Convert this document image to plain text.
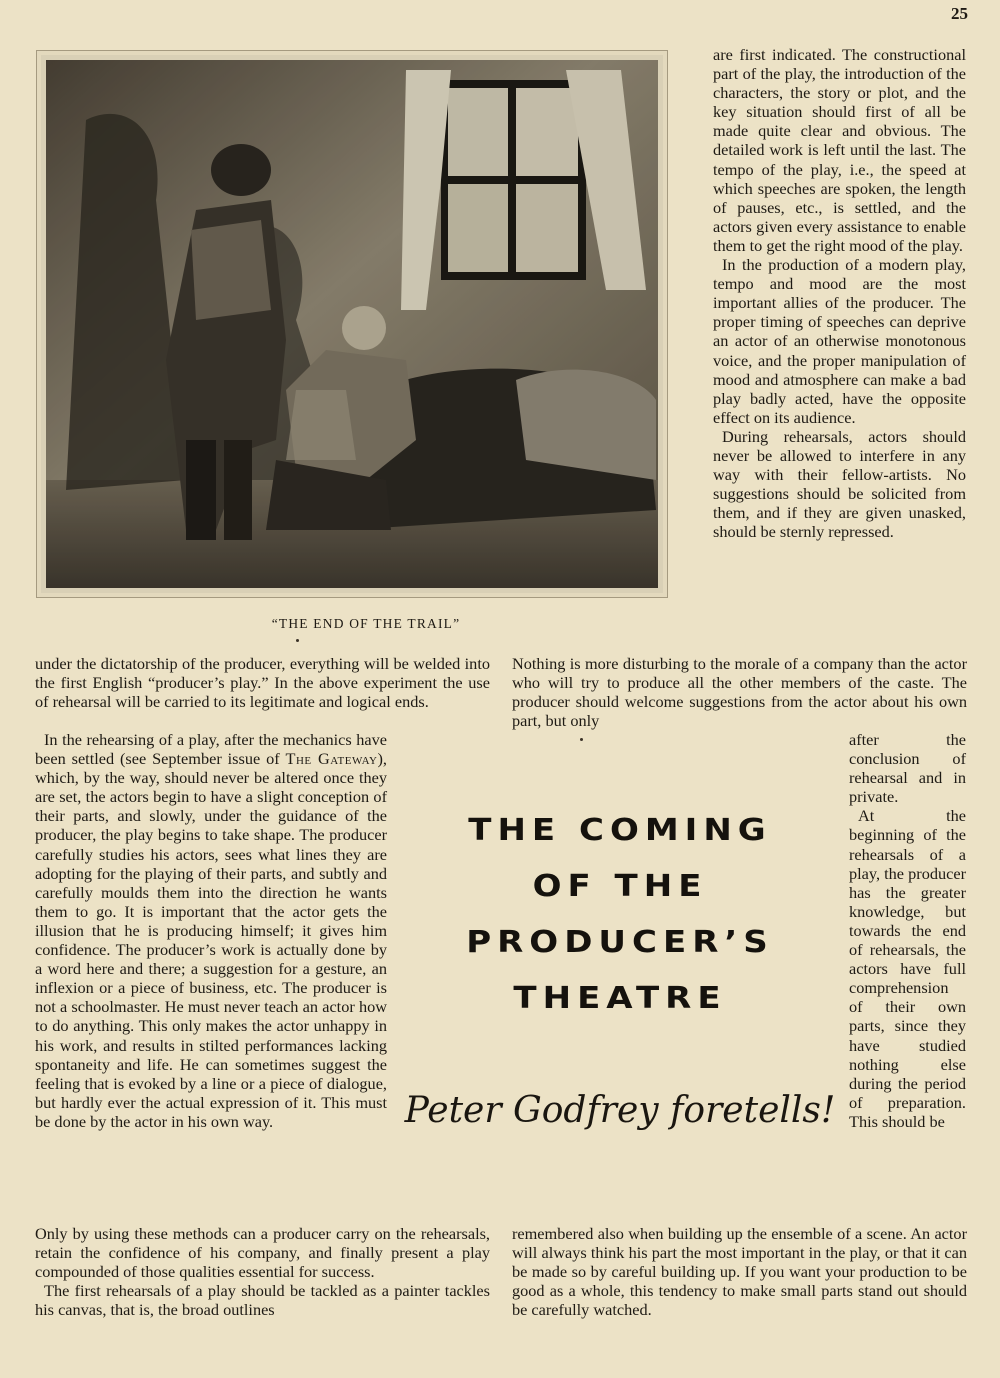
25
“THE END OF THE TRAIL”

are first indicated. The constructional part of the play, the introduction of the characters, the story or plot, and the key situation should first of all be made quite clear and obvious. The detailed work is left until the last. The tempo of the play, i.e., the speed at which speeches are spoken, the length of pauses, etc., is settled, and the actors given every assistance to enable them to get the right mood of the play.

In the production of a modern play, tempo and mood are the most important allies of the producer. The proper timing of speeches can deprive an actor of an otherwise monotonous voice, and the proper manipulation of mood and atmosphere can make a bad play badly acted, have the opposite effect on its audience.

During rehearsals, actors should never be allowed to interfere in any way with their fellow-artists. No suggestions should be solicited from them, and if they are given unasked, should be sternly repressed.

under the dictatorship of the producer, everything will be welded into the first English “producer’s play.” In the above experiment the use of rehearsal will be carried to its legitimate and logical ends.

Nothing is more disturbing to the morale of a company than the actor who will try to produce all the other members of the caste. The producer should welcome suggestions from the actor about his own part, but only

In the rehearsing of a play, after the mechanics have been settled (see September issue of The Gateway), which, by the way, should never be altered once they are set, the actors begin to have a slight conception of their parts, and slowly, under the guidance of the producer, the play begins to take shape. The producer carefully studies his actors, sees what lines they are adopting for the playing of their parts, and subtly and carefully moulds them into the direction he wants them to go. It is important that the actor gets the illusion that he is producing himself; it gives him confidence. The producer’s work is actually done by a word here and there; a suggestion for a gesture, an inflexion or a piece of business, etc. The producer is not a schoolmaster. He must never teach an actor how to do anything. This only makes the actor unhappy in his work, and results in stilted performances lacking spontaneity and life. He can sometimes suggest the feeling that is evoked by a line or a piece of dialogue, but hardly ever the actual expression of it. This must be done by the actor in his own way.

after the conclusion of rehearsal and in private.

At the beginning of the rehearsals of a play, the producer has the greater knowledge, but towards the end of rehearsals, the actors have full comprehension of their own parts, since they have studied nothing else during the period of preparation. This should be

THE COMING
OF THE
PRODUCER’S
THEATRE
Peter Godfrey foretells!

Only by using these methods can a producer carry on the rehearsals, retain the confidence of his company, and finally present a play compounded of those qualities essential for success.

The first rehearsals of a play should be tackled as a painter tackles his canvas, that is, the broad outlines

remembered also when building up the ensemble of a scene. An actor will always think his part the most important in the play, or that it can be made so by careful building up. If you want your production to be good as a whole, this tendency to make small parts stand out should be carefully watched.
